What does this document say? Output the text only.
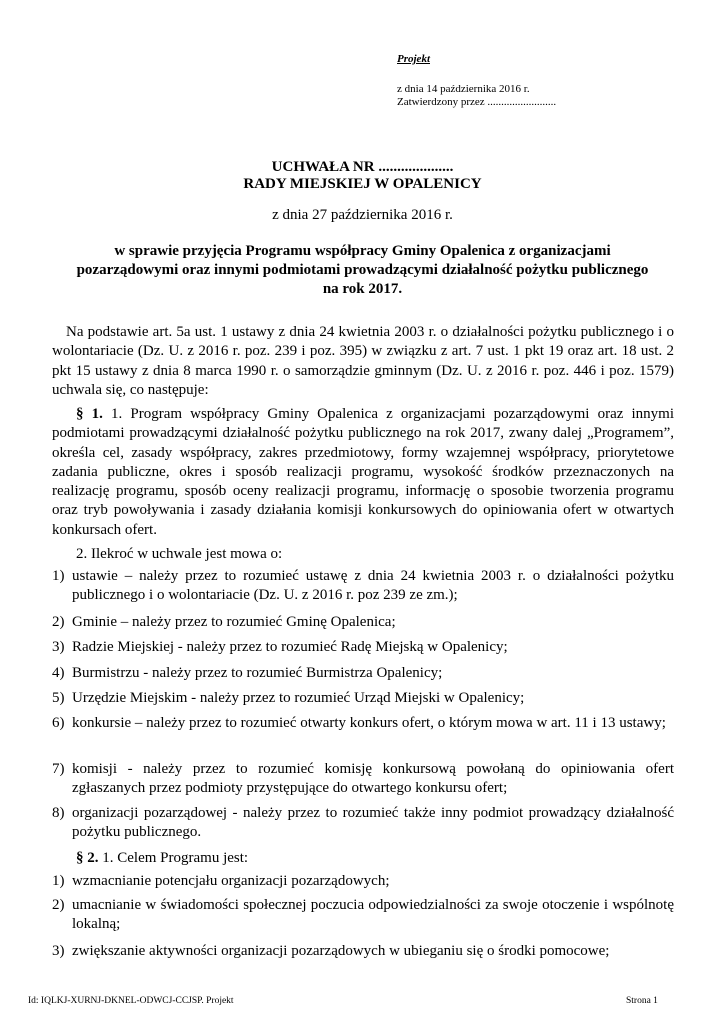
Projekt
z dnia 14 października 2016 r.
Zatwierdzony przez .........................
UCHWAŁA NR ....................
RADY MIEJSKIEJ W OPALENICY
z dnia 27 października 2016 r.
w sprawie przyjęcia Programu współpracy Gminy Opalenica z organizacjami
pozarządowymi oraz innymi podmiotami prowadzącymi działalność pożytku publicznego
na rok 2017.
Na podstawie art. 5a ust. 1 ustawy z dnia 24 kwietnia 2003 r. o działalności pożytku publicznego i o wolontariacie (Dz. U. z 2016 r. poz. 239 i poz. 395) w związku z art. 7 ust. 1 pkt 19 oraz art. 18 ust. 2 pkt 15 ustawy z dnia 8 marca 1990 r. o samorządzie gminnym (Dz. U. z 2016 r. poz. 446 i poz. 1579) uchwala się, co następuje:
§ 1. 1. Program współpracy Gminy Opalenica z organizacjami pozarządowymi oraz innymi podmiotami prowadzącymi działalność pożytku publicznego na rok 2017, zwany dalej „Programem”, określa cel, zasady współpracy, zakres przedmiotowy, formy wzajemnej współpracy, priorytetowe zadania publiczne, okres i sposób realizacji programu, wysokość środków przeznaczonych na realizację programu, sposób oceny realizacji programu, informację o sposobie tworzenia programu oraz tryb powoływania i zasady działania komisji konkursowych do opiniowania ofert w otwartych konkursach ofert.
2. Ilekroć w uchwale jest mowa o:
1) ustawie – należy przez to rozumieć ustawę z dnia 24 kwietnia 2003 r. o działalności pożytku publicznego i o wolontariacie (Dz. U. z 2016 r. poz 239 ze zm.);
2) Gminie – należy przez to rozumieć Gminę Opalenica;
3) Radzie Miejskiej - należy przez to rozumieć Radę Miejską w Opalenicy;
4) Burmistrzu - należy przez to rozumieć Burmistrza Opalenicy;
5) Urzędzie Miejskim - należy przez to rozumieć Urząd Miejski w Opalenicy;
6) konkursie – należy przez to rozumieć otwarty konkurs ofert, o którym mowa w art. 11 i 13 ustawy;
7) komisji - należy przez to rozumieć komisję konkursową powołaną do opiniowania ofert zgłaszanych przez podmioty przystępujące do otwartego konkursu ofert;
8) organizacji pozarządowej - należy przez to rozumieć także inny podmiot prowadzący działalność pożytku publicznego.
§ 2. 1. Celem Programu jest:
1) wzmacnianie potencjału organizacji pozarządowych;
2) umacnianie w świadomości społecznej poczucia odpowiedzialności za swoje otoczenie i wspólnotę lokalną;
3) zwiększanie aktywności organizacji pozarządowych w ubieganiu się o środki pomocowe;
Id: IQLKJ-XURNJ-DKNEL-ODWCJ-CCJSP. Projekt	Strona 1
